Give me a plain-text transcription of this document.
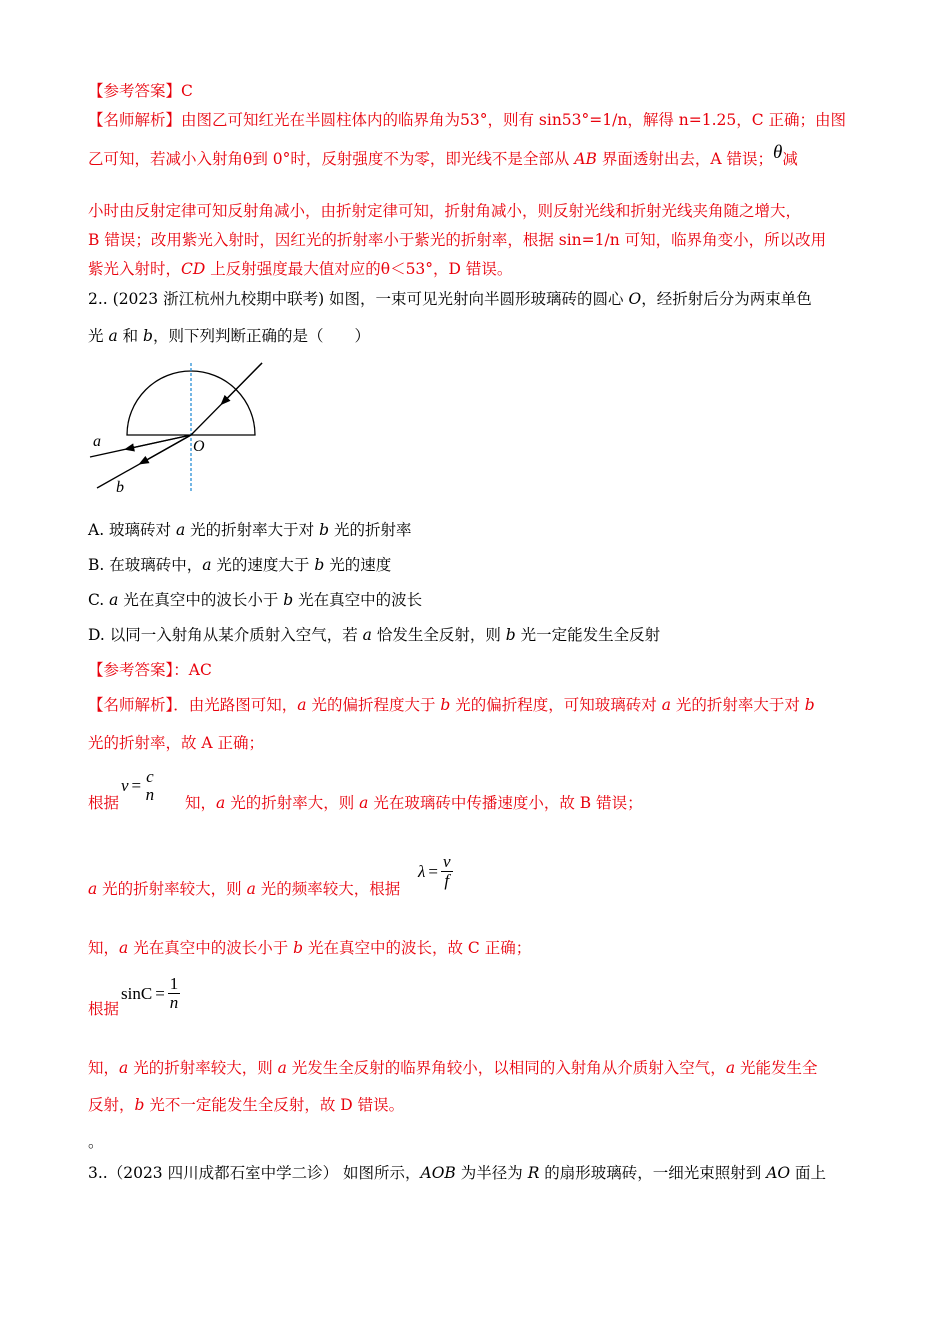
【参考答案】C
【名师解析】由图乙可知红光在半圆柱体内的临界角为53°，则有 sin53°=1/n，解得 n=1.25，C 正确；由图
乙可知，若减小入射角θ到 0°时，反射强度不为零，即光线不是全部从 AB 界面透射出去，A 错误；θ减
小时由反射定律可知反射角减小，由折射定律可知，折射角减小，则反射光线和折射光线夹角随之增大，
B 错误；改用紫光入射时，因红光的折射率小于紫光的折射率，根据 sin=1/n 可知，临界角变小，所以改用
紫光入射时，CD 上反射强度最大值对应的θ＜53°，D 错误。
2.. (2023 浙江杭州九校期中联考) 如图，一束可见光射向半圆形玻璃砖的圆心 O，经折射后分为两束单色
光 a 和 b，则下列判断正确的是（　　）
a
b
O
A. 玻璃砖对 a 光的折射率大于对 b 光的折射率
B. 在玻璃砖中，a 光的速度大于 b 光的速度
C. a 光在真空中的波长小于 b 光在真空中的波长
D. 以同一入射角从某介质射入空气，若 a 恰发生全反射，则 b 光一定能发生全反射
【参考答案】：AC
【名师解析】．由光路图可知，a 光的偏折程度大于 b 光的偏折程度，可知玻璃砖对 a 光的折射率大于对 b
光的折射率，故 A 正确；
根据	知，a 光的折射率大，则 a 光在玻璃砖中传播速度小，故 B 错误；
v = c
n
a 光的折射率较大，则 a 光的频率较大，根据
$\lambda = \frac{v}{f}$
知，a 光在真空中的波长小于 b 光在真空中的波长，故 C 正确；
根据
$\sin C = \frac{1}{n}$
知，a 光的折射率较大，则 a 光发生全反射的临界角较小，以相同的入射角从介质射入空气，a 光能发生全
反射，b 光不一定能发生全反射，故 D 错误。
。
3..（2023 四川成都石室中学二诊） 如图所示，AOB 为半径为 R 的扇形玻璃砖，一细光束照射到 AO 面上
